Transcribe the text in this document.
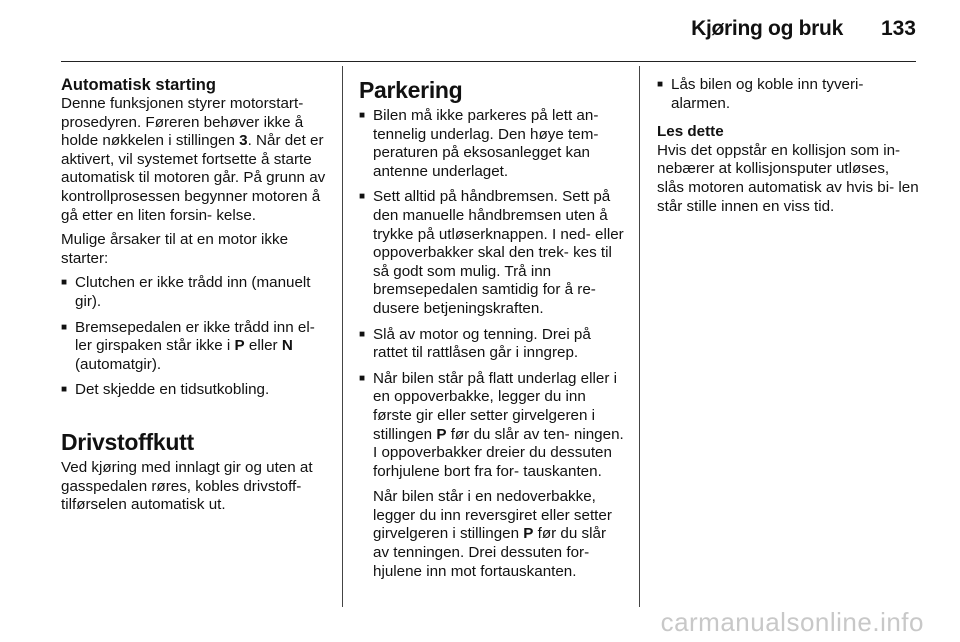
Kjøring og bruk 133
Automatisk starting

Denne funksjonen styrer motorstart- prosedyren. Føreren behøver ikke å holde nøkkelen i stillingen 3. Når det er aktivert, vil systemet fortsette å starte automatisk til motoren går. På grunn av kontrollprosessen begynner motoren å gå etter en liten forsin- kelse.

Mulige årsaker til at en motor ikke starter:

■ Clutchen er ikke trådd inn (manuelt gir).
■ Bremsepedalen er ikke trådd inn el- ler girspaken står ikke i P eller N (automatgir).
■ Det skjedde en tidsutkobling.
Drivstoffkutt

Ved kjøring med innlagt gir og uten at gasspedalen røres, kobles drivstoff- tilførselen automatisk ut.

Parkering
■ Bilen må ikke parkeres på lett an- tennelig underlag. Den høye tem- peraturen på eksosanlegget kan antenne underlaget.
■ Sett alltid på håndbremsen. Sett på den manuelle håndbremsen uten å trykke på utløserknappen. I ned- eller oppoverbakker skal den trek- kes til så godt som mulig. Trå inn bremsepedalen samtidig for å re- dusere betjeningskraften.
■ Slå av motor og tenning. Drei på rattet til rattlåsen går i inngrep.
■ Når bilen står på flatt underlag eller i en oppoverbakke, legger du inn første gir eller setter girvelgeren i stillingen P før du slår av ten- ningen. I oppoverbakker dreier du dessuten forhjulene bort fra for- tauskanten.

Når bilen står i en nedoverbakke, legger du inn reversgiret eller setter girvelgeren i stillingen P før du slår av tenningen. Drei dessuten for- hjulene inn mot fortauskanten.

■ Lås bilen og koble inn tyveri- alarmen.
Les dette

Hvis det oppstår en kollisjon som in- nebærer at kollisjonsputer utløses, slås motoren automatisk av hvis bi- len står stille innen en viss tid.

carmanualsonline.info
